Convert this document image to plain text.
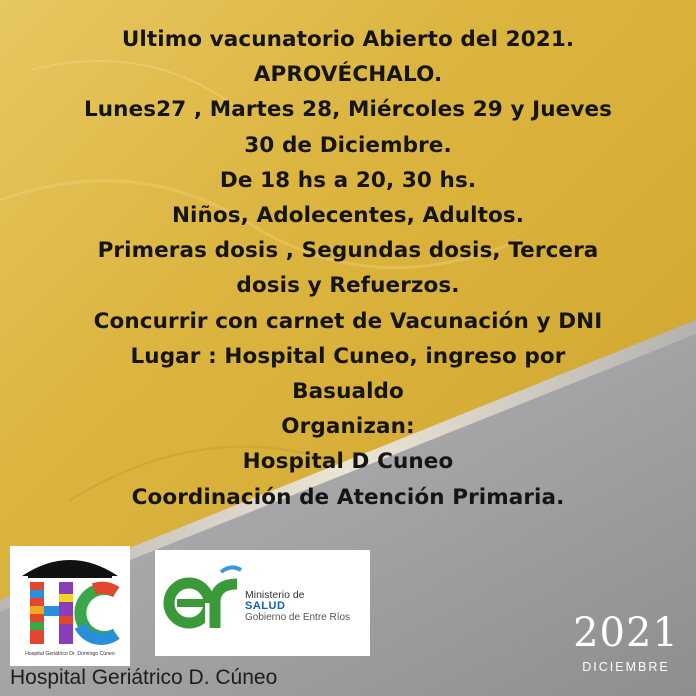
Ultimo vacunatorio Abierto del 2021.
APROVÉCHALO.
Lunes27 , Martes 28, Miércoles 29 y Jueves
30 de Diciembre.
De 18 hs a 20, 30 hs.
Niños, Adolecentes, Adultos.
Primeras dosis , Segundas dosis, Tercera
dosis y Refuerzos.
Concurrir con carnet de Vacunación y DNI
Lugar : Hospital Cuneo, ingreso por
Basualdo
Organizan:
Hospital D Cuneo
Coordinación de Atención Primaria.
Hospital Geriátrico Dr. Domingo Cúneo
Hospital Geriátrico D. Cúneo
Ministerio de
SALUD
Gobierno de Entre Ríos	2021
DICIEMBRE
